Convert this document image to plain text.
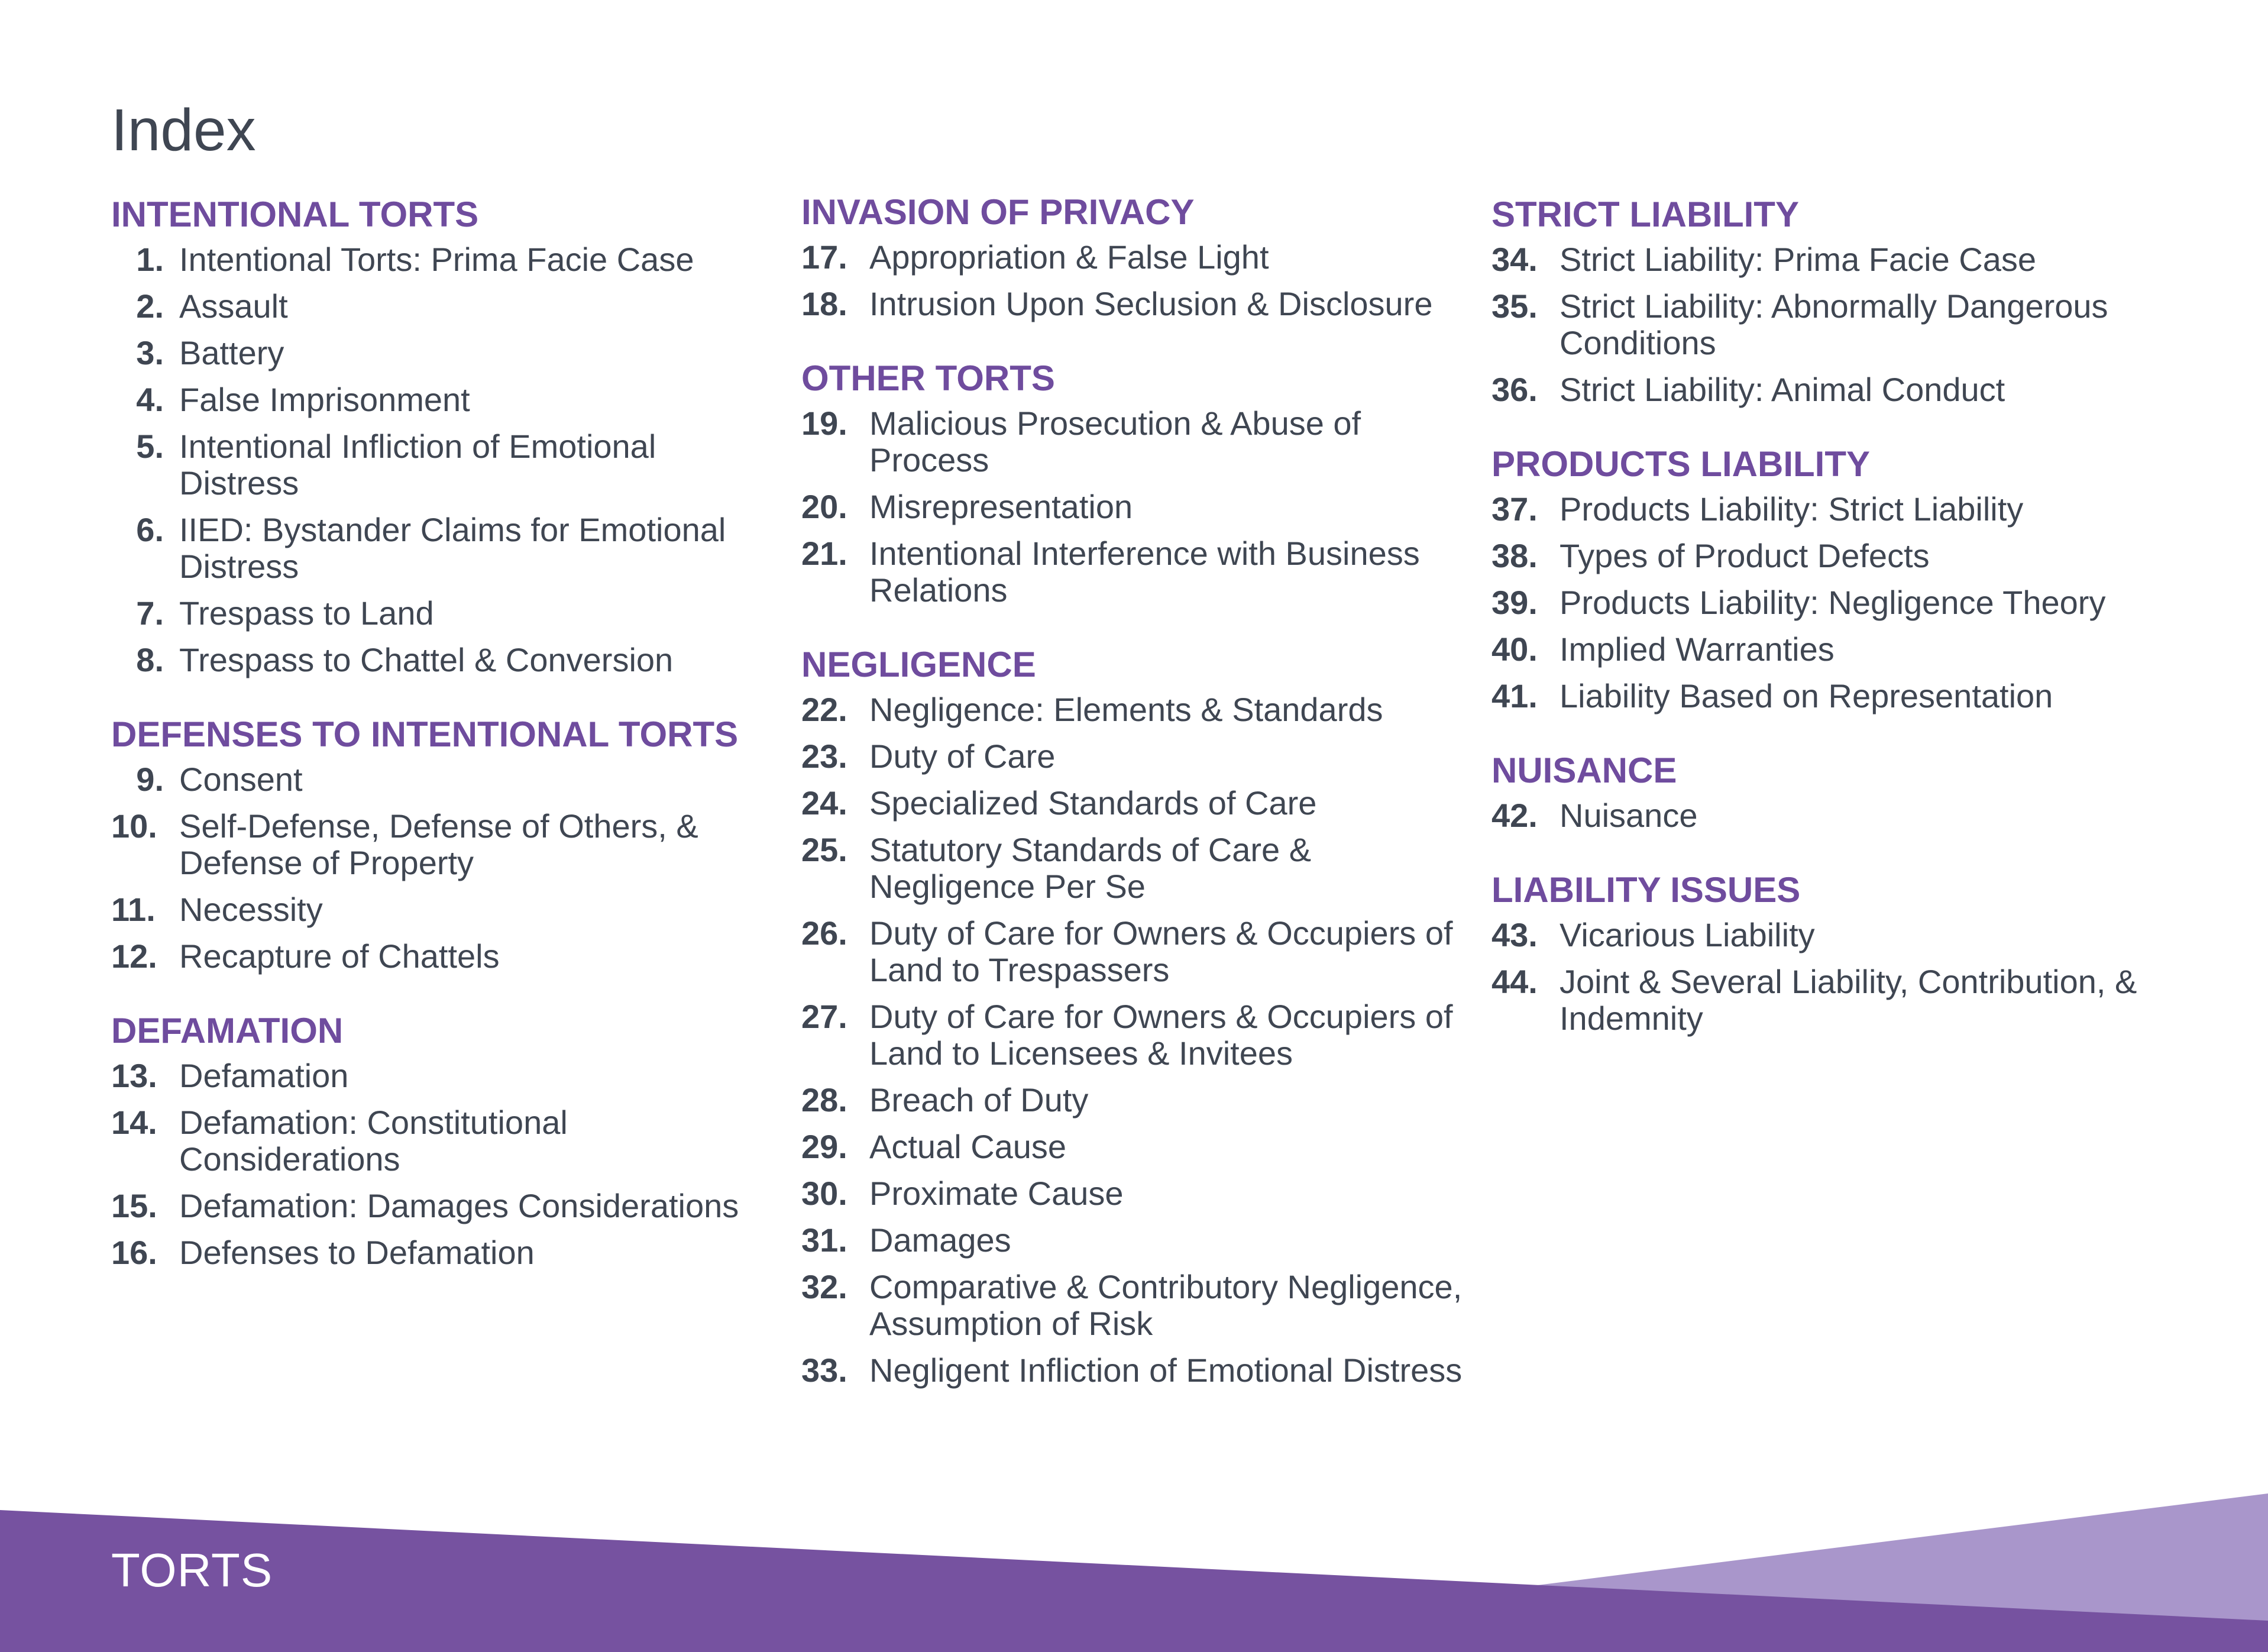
Index
INTENTIONAL TORTS
1. Intentional Torts: Prima Facie Case
2. Assault
3. Battery
4. False Imprisonment
5. Intentional Infliction of Emotional Distress
6. IIED: Bystander Claims for Emotional Distress
7. Trespass to Land
8. Trespass to Chattel & Conversion
DEFENSES TO INTENTIONAL TORTS
9. Consent
10. Self-Defense, Defense of Others, & Defense of Property
11. Necessity
12. Recapture of Chattels
DEFAMATION
13. Defamation
14. Defamation: Constitutional Considerations
15. Defamation: Damages Considerations
16. Defenses to Defamation
INVASION OF PRIVACY
17. Appropriation & False Light
18. Intrusion Upon Seclusion & Disclosure
OTHER TORTS
19. Malicious Prosecution & Abuse of Process
20. Misrepresentation
21. Intentional Interference with Business Relations
NEGLIGENCE
22. Negligence: Elements & Standards
23. Duty of Care
24. Specialized Standards of Care
25. Statutory Standards of Care & Negligence Per Se
26. Duty of Care for Owners & Occupiers of Land to Trespassers
27. Duty of Care for Owners & Occupiers of Land to Licensees & Invitees
28. Breach of Duty
29. Actual Cause
30. Proximate Cause
31. Damages
32. Comparative & Contributory Negligence, Assumption of Risk
33. Negligent Infliction of Emotional Distress
STRICT LIABILITY
34. Strict Liability: Prima Facie Case
35. Strict Liability: Abnormally Dangerous Conditions
36. Strict Liability: Animal Conduct
PRODUCTS LIABILITY
37. Products Liability: Strict Liability
38. Types of Product Defects
39. Products Liability: Negligence Theory
40. Implied Warranties
41. Liability Based on Representation
NUISANCE
42. Nuisance
LIABILITY ISSUES
43. Vicarious Liability
44. Joint & Several Liability, Contribution, & Indemnity
TORTS
